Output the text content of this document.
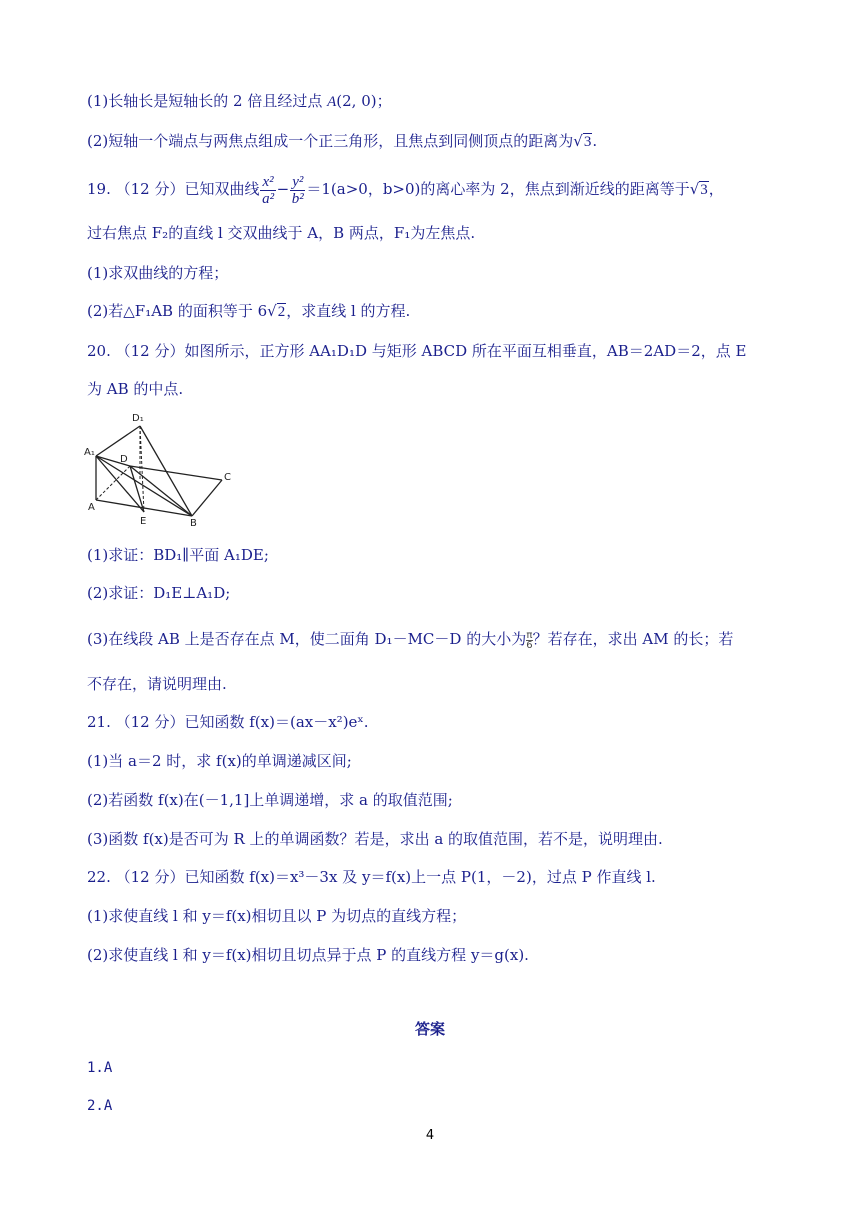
(1)长轴长是短轴长的 2 倍且经过点 A(2, 0)；
(2)短轴一个端点与两焦点组成一个正三角形，且焦点到同侧顶点的距离为√3.
19. （12 分）已知双曲线 $\frac{\text{x²}}{\text{a²}} - \frac{\text{y²}}{\text{b²}} =1(a>0$，b>0)的离心率为 2，焦点到渐近线的距离等于√3，
过右焦点 F₂的直线 l 交双曲线于 A，B 两点，F₁为左焦点.
(1)求双曲线的方程；
(2)若△F₁AB 的面积等于 6√2，求直线 l 的方程.
20. （12 分）如图所示，正方形 AA₁D₁D 与矩形 ABCD 所在平面互相垂直，AB＝2AD＝2，点 E
为 AB 的中点.
D₁
A₁
D
C
A
E	B
(1)求证：BD₁∥平面 A₁DE;
(2)求证：D₁E⊥A₁D;
(3)在线段 AB 上是否存在点 M，使二面角 D₁－MC－D 的大小为 $\frac{\pi}{6}$？若存在，求出 AM 的长；若
不存在，请说明理由.
21. （12 分）已知函数 f(x)＝(ax－x²)eˣ.
(1)当 a＝2 时，求 f(x)的单调递减区间;
(2)若函数 f(x)在(－1,1]上单调递增，求 a 的取值范围;
(3)函数 f(x)是否可为 R 上的单调函数？若是，求出 a 的取值范围，若不是，说明理由.
22. （12 分）已知函数 f(x)＝x³－3x 及 y＝f(x)上一点 P(1，－2)，过点 P 作直线 l.
(1)求使直线 l 和 y＝f(x)相切且以 P 为切点的直线方程；
(2)求使直线 l 和 y＝f(x)相切且切点异于点 P 的直线方程 y＝g(x).
答案
1.A
2.A
4
